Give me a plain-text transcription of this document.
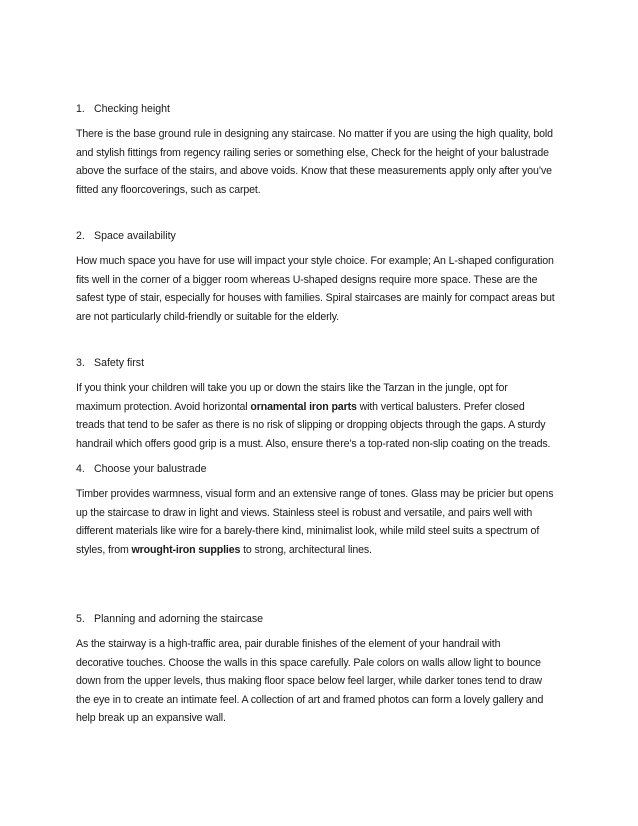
1. Checking height
There is the base ground rule in designing any staircase. No matter if you are using the high quality, bold
and stylish fittings from regency railing series or something else, Check for the height of your balustrade
above the surface of the stairs, and above voids. Know that these measurements apply only after you’ve
fitted any floorcoverings, such as carpet.
2. Space availability
How much space you have for use will impact your style choice. For example; An L-shaped configuration
fits well in the corner of a bigger room whereas U-shaped designs require more space. These are the
safest type of stair, especially for houses with families. Spiral staircases are mainly for compact areas but
are not particularly child-friendly or suitable for the elderly.
3. Safety first
If you think your children will take you up or down the stairs like the Tarzan in the jungle, opt for
maximum protection. Avoid horizontal ornamental iron parts with vertical balusters. Prefer closed
treads that tend to be safer as there is no risk of slipping or dropping objects through the gaps. A sturdy
handrail which offers good grip is a must. Also, ensure there’s a top-rated non-slip coating on the treads.
4. Choose your balustrade
Timber provides warmness, visual form and an extensive range of tones. Glass may be pricier but opens
up the staircase to draw in light and views. Stainless steel is robust and versatile, and pairs well with
different materials like wire for a barely-there kind, minimalist look, while mild steel suits a spectrum of
styles, from wrought-iron supplies to strong, architectural lines.
5. Planning and adorning the staircase
As the stairway is a high-traffic area, pair durable finishes of the element of your handrail with
decorative touches. Choose the walls in this space carefully. Pale colors on walls allow light to bounce
down from the upper levels, thus making floor space below feel larger, while darker tones tend to draw
the eye in to create an intimate feel. A collection of art and framed photos can form a lovely gallery and
help break up an expansive wall.
